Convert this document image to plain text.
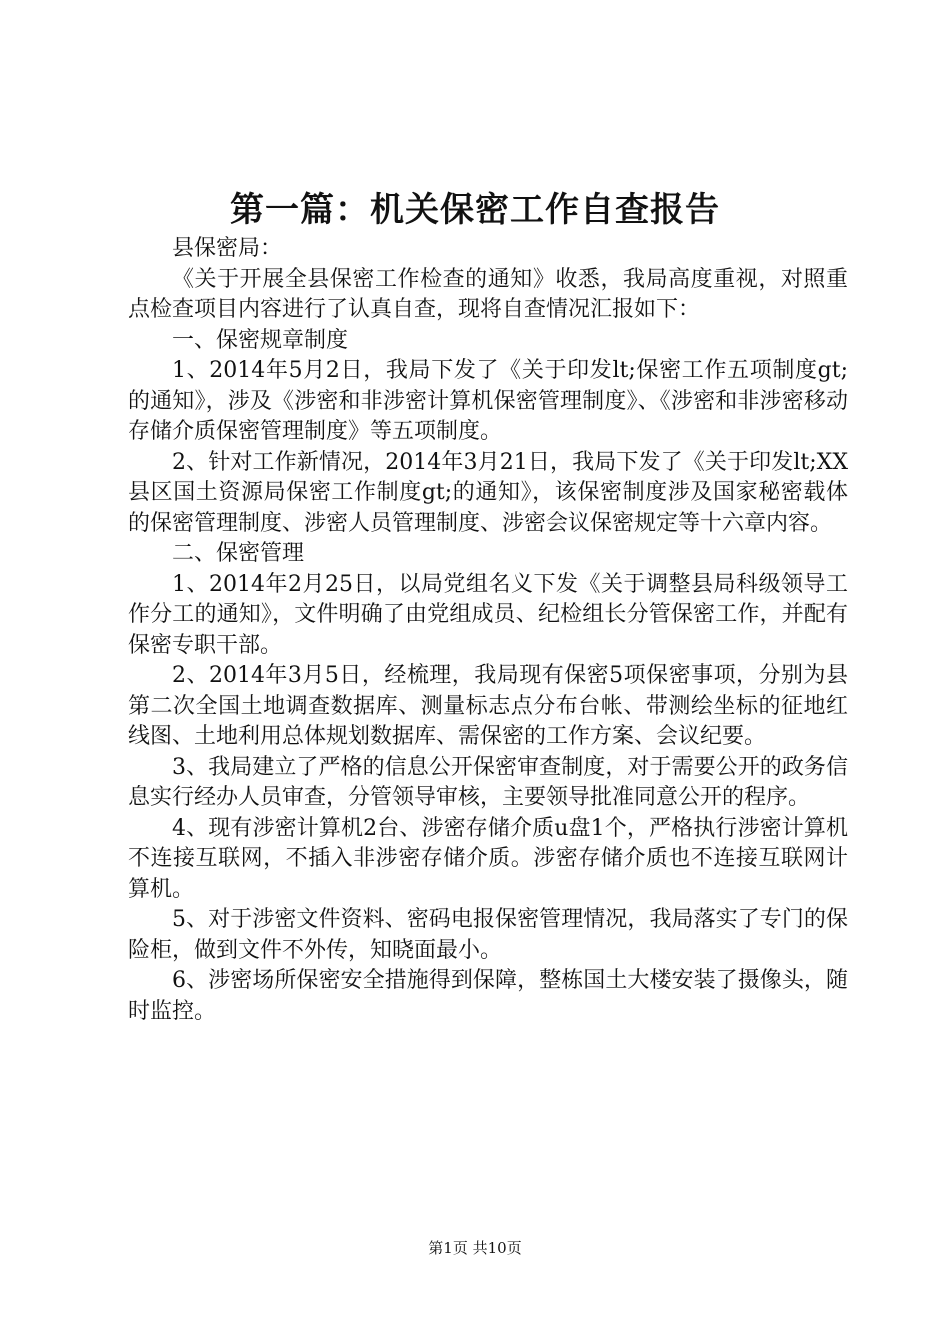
第一篇：机关保密工作自查报告

县保密局：

《关于开展全县保密工作检查的通知》收悉，我局高度重视，对照重点检查项目内容进行了认真自查，现将自查情况汇报如下：

一、保密规章制度

1、2014年5月2日，我局下发了《关于印发lt;保密工作五项制度gt;的通知》，涉及《涉密和非涉密计算机保密管理制度》、《涉密和非涉密移动存储介质保密管理制度》等五项制度。

2、针对工作新情况，2014年3月21日，我局下发了《关于印发lt;XX县区国土资源局保密工作制度gt;的通知》，该保密制度涉及国家秘密载体的保密管理制度、涉密人员管理制度、涉密会议保密规定等十六章内容。

二、保密管理

1、2014年2月25日，以局党组名义下发《关于调整县局科级领导工作分工的通知》，文件明确了由党组成员、纪检组长分管保密工作，并配有保密专职干部。

2、2014年3月5日，经梳理，我局现有保密5项保密事项，分别为县第二次全国土地调查数据库、测量标志点分布台帐、带测绘坐标的征地红线图、土地利用总体规划数据库、需保密的工作方案、会议纪要。

3、我局建立了严格的信息公开保密审查制度，对于需要公开的政务信息实行经办人员审查，分管领导审核，主要领导批准同意公开的程序。

4、现有涉密计算机2台、涉密存储介质u盘1个，严格执行涉密计算机不连接互联网，不插入非涉密存储介质。涉密存储介质也不连接互联网计算机。

5、对于涉密文件资料、密码电报保密管理情况，我局落实了专门的保险柜，做到文件不外传，知晓面最小。

6、涉密场所保密安全措施得到保障，整栋国土大楼安装了摄像头，随时监控。

第1页 共10页
